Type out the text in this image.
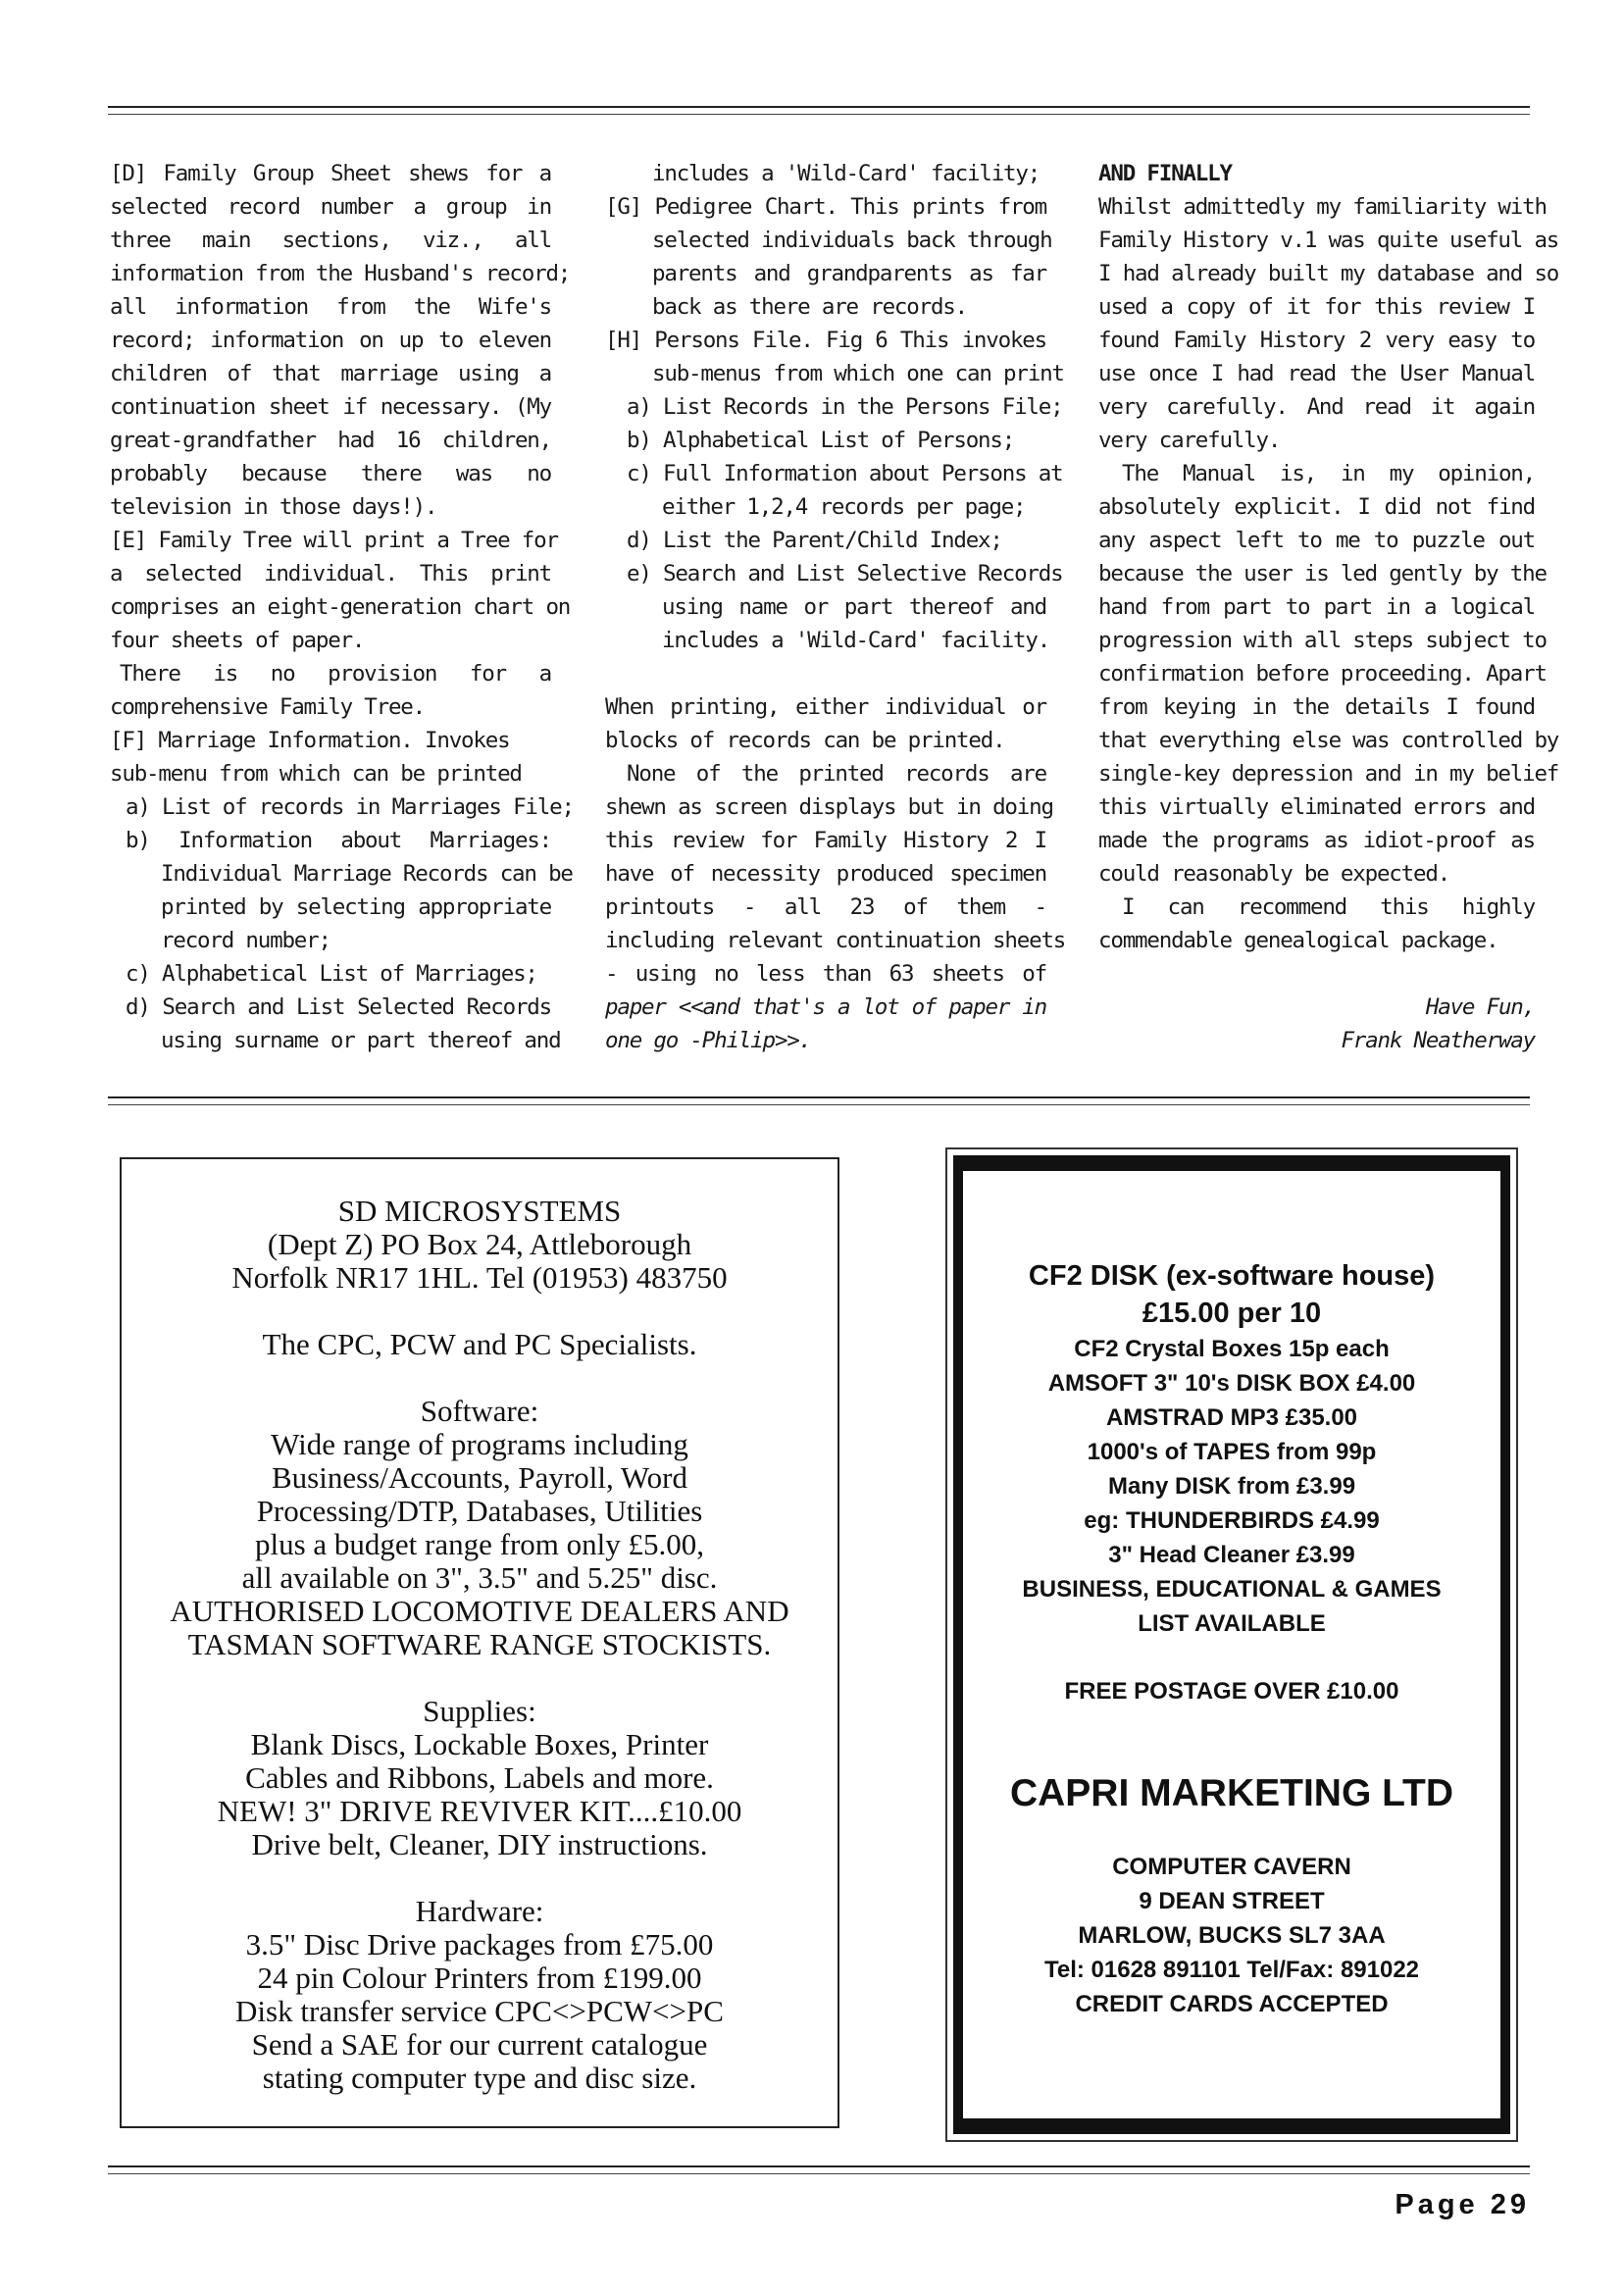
[D] Family Group Sheet shews for a
selected record number a group in
three main sections, viz., all
information from the Husband's record;
all information from the Wife's
record; information on up to eleven
children of that marriage using a
continuation sheet if necessary. (My
great-grandfather had 16 children,
probably because there was no
television in those days!).
[E] Family Tree will print a Tree for
a selected individual. This print
comprises an eight-generation chart on
four sheets of paper.
There is no provision for a
comprehensive Family Tree.
[F] Marriage Information. Invokes
sub-menu from which can be printed
a) List of records in Marriages File;
b) Information about Marriages:
Individual Marriage Records can be
printed by selecting appropriate
record number;
c) Alphabetical List of Marriages;
d) Search and List Selected Records
using surname or part thereof and
includes a 'Wild-Card' facility;
[G] Pedigree Chart. This prints from
selected individuals back through
parents and grandparents as far
back as there are records.
[H] Persons File. Fig 6 This invokes
sub-menus from which one can print
a) List Records in the Persons File;
b) Alphabetical List of Persons;
c) Full Information about Persons at
either 1,2,4 records per page;
d) List the Parent/Child Index;
e) Search and List Selective Records
using name or part thereof and
includes a 'Wild-Card' facility.
When printing, either individual or
blocks of records can be printed.
None of the printed records are
shewn as screen displays but in doing
this review for Family History 2 I
have of necessity produced specimen
printouts - all 23 of them -
including relevant continuation sheets
- using no less than 63 sheets of
paper <<and that's a lot of paper in
one go -Philip>>.
AND FINALLY
Whilst admittedly my familiarity with
Family History v.1 was quite useful as
I had already built my database and so
used a copy of it for this review I
found Family History 2 very easy to
use once I had read the User Manual
very carefully. And read it again
very carefully.
The Manual is, in my opinion,
absolutely explicit. I did not find
any aspect left to me to puzzle out
because the user is led gently by the
hand from part to part in a logical
progression with all steps subject to
confirmation before proceeding. Apart
from keying in the details I found
that everything else was controlled by
single-key depression and in my belief
this virtually eliminated errors and
made the programs as idiot-proof as
could reasonably be expected.
I can recommend this highly
commendable genealogical package.
Have Fun,
Frank Neatherway
SD MICROSYSTEMS
(Dept Z) PO Box 24, Attleborough
Norfolk NR17 1HL. Tel (01953) 483750
The CPC, PCW and PC Specialists.
Software:
Wide range of programs including
Business/Accounts, Payroll, Word
Processing/DTP, Databases, Utilities
plus a budget range from only £5.00,
all available on 3", 3.5" and 5.25" disc.
AUTHORISED LOCOMOTIVE DEALERS AND
TASMAN SOFTWARE RANGE STOCKISTS.
Supplies:
Blank Discs, Lockable Boxes, Printer
Cables and Ribbons, Labels and more.
NEW! 3" DRIVE REVIVER KIT....£10.00
Drive belt, Cleaner, DIY instructions.
Hardware:
3.5" Disc Drive packages from £75.00
24 pin Colour Printers from £199.00
Disk transfer service CPC<>PCW<>PC
Send a SAE for our current catalogue
stating computer type and disc size.
CF2 DISK (ex-software house)
£15.00 per 10
CF2 Crystal Boxes 15p each
AMSOFT 3" 10's DISK BOX £4.00
AMSTRAD MP3 £35.00
1000's of TAPES from 99p
Many DISK from £3.99
eg: THUNDERBIRDS £4.99
3" Head Cleaner £3.99
BUSINESS, EDUCATIONAL & GAMES
LIST AVAILABLE
FREE POSTAGE OVER £10.00
CAPRI MARKETING LTD
COMPUTER CAVERN
9 DEAN STREET
MARLOW, BUCKS SL7 3AA
Tel: 01628 891101 Tel/Fax: 891022
CREDIT CARDS ACCEPTED
Page 29
